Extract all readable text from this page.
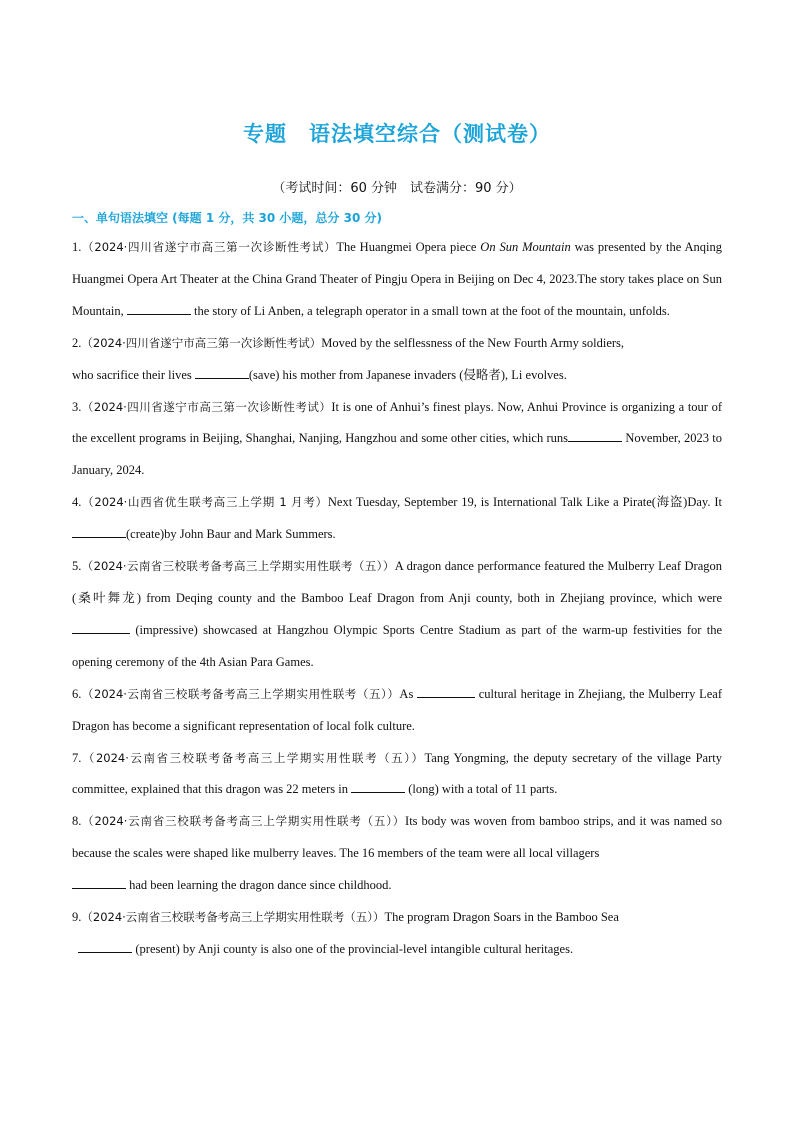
专题 语法填空综合（测试卷）
（考试时间：60 分钟　试卷满分：90 分）
一、单句语法填空 (每题 1 分，共 30 小题，总分 30 分)

1.（2024·四川省遂宁市高三第一次诊断性考试）The Huangmei Opera piece On Sun Mountain was presented by the Anqing Huangmei Opera Art Theater at the China Grand Theater of Pingju Opera in Beijing on Dec 4, 2023.The story takes place on Sun Mountain,	the story of Li Anben, a telegraph operator in a small town at the foot of the mountain, unfolds.

2.（2024·四川省遂宁市高三第一次诊断性考试）Moved by the selflessness of the New Fourth Army soldiers,
who sacrifice their lives	(save) his mother from Japanese invaders (侵略者), Li evolves.

3.（2024·四川省遂宁市高三第一次诊断性考试）It is one of Anhui’s finest plays. Now, Anhui Province is organizing a tour of the excellent programs in Beijing, Shanghai, Nanjing, Hangzhou and some other cities, which runs	November, 2023 to January, 2024.

4.（2024·山西省优生联考高三上学期 1 月考）Next Tuesday, September 19, is International Talk Like a Pirate(海盗)Day. It (create)by John Baur and Mark Summers.

5.（2024·云南省三校联考备考高三上学期实用性联考（五））A dragon dance performance featured the Mulberry Leaf Dragon (桑叶舞龙) from Deqing county and the Bamboo Leaf Dragon from Anji county, both in Zhejiang province, which were  (impressive) showcased at Hangzhou Olympic Sports Centre Stadium as part of the warm-up festivities for the opening ceremony of the 4th Asian Para Games.

6.（2024·云南省三校联考备考高三上学期实用性联考（五））As	cultural heritage in Zhejiang, the Mulberry Leaf Dragon has become a significant representation of local folk culture.

7.（2024·云南省三校联考备考高三上学期实用性联考（五））Tang Yongming, the deputy secretary of the village Party committee, explained that this dragon was 22 meters in	(long) with a total of 11 parts.

8.（2024·云南省三校联考备考高三上学期实用性联考（五））Its body was woven from bamboo strips, and it was named so because the scales were shaped like mulberry leaves. The 16 members of the team were all local villagers
had been learning the dragon dance since childhood.

9.（2024·云南省三校联考备考高三上学期实用性联考（五））The program Dragon Soars in the Bamboo Sea
(present) by Anji county is also one of the provincial-level intangible cultural heritages.
